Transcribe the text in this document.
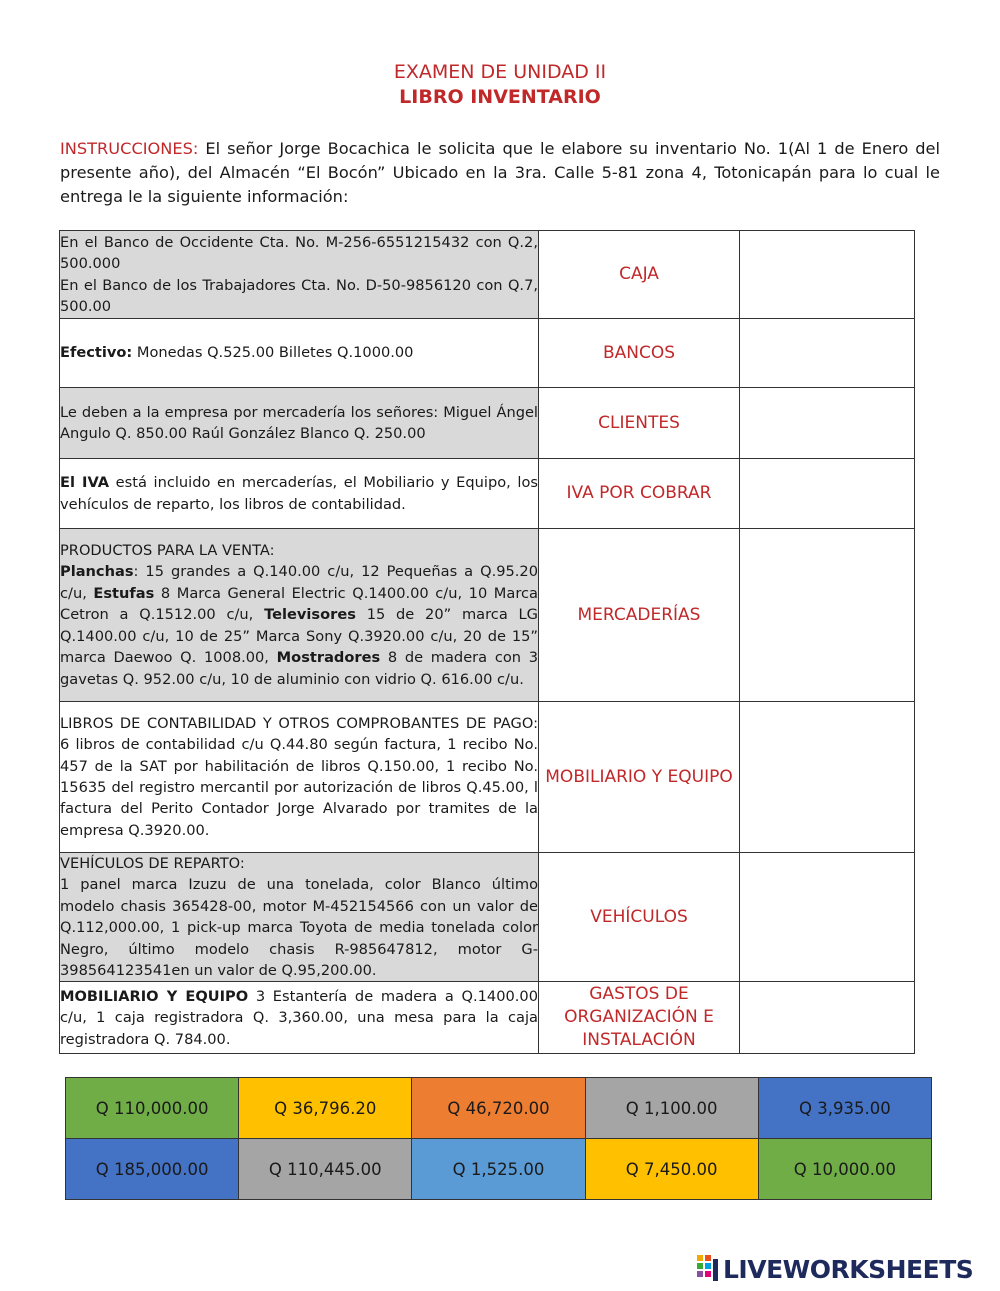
EXAMEN DE UNIDAD II
LIBRO INVENTARIO
INSTRUCCIONES: El señor Jorge Bocachica le solicita que le elabore su inventario No. 1(Al 1 de Enero del presente año), del Almacén “El Bocón” Ubicado en la 3ra. Calle 5-81 zona 4, Totonicapán para lo cual le entrega le la siguiente información:
En el Banco de Occidente Cta. No. M-256-6551215432 con Q.2, 500.000
En el Banco de los Trabajadores Cta. No. D-50-9856120 con Q.7, 500.00	CAJA	
Efectivo: Monedas Q.525.00 Billetes Q.1000.00	BANCOS	
Le deben a la empresa por mercadería los señores: Miguel Ángel Angulo Q. 850.00 Raúl González Blanco Q. 250.00	CLIENTES	
El IVA está incluido en mercaderías, el Mobiliario y Equipo, los vehículos de reparto, los libros de contabilidad.	IVA POR COBRAR	

PRODUCTOS PARA LA VENTA:
Planchas: 15 grandes a Q.140.00 c/u, 12 Pequeñas a Q.95.20 c/u, Estufas 8 Marca General Electric Q.1400.00 c/u, 10 Marca Cetron a Q.1512.00 c/u, Televisores 15 de 20” marca LG Q.1400.00 c/u, 10 de 25” Marca Sony Q.3920.00 c/u, 20 de 15” marca Daewoo Q. 1008.00, Mostradores 8 de madera con 3 gavetas Q. 952.00 c/u, 10 de aluminio con vidrio Q. 616.00 c/u.	MERCADERÍAS	
LIBROS DE CONTABILIDAD Y OTROS COMPROBANTES DE PAGO: 6 libros de contabilidad c/u Q.44.80 según factura, 1 recibo No. 457 de la SAT por habilitación de libros Q.150.00, 1 recibo No. 15635 del registro mercantil por autorización de libros Q.45.00, l factura del Perito Contador Jorge Alvarado por tramites de la empresa Q.3920.00.	MOBILIARIO Y EQUIPO	

VEHÍCULOS DE REPARTO:
1 panel marca Izuzu de una tonelada, color Blanco último modelo chasis 365428-00, motor M-452154566 con un valor de Q.112,000.00, 1 pick-up marca Toyota de media tonelada color Negro, último modelo chasis R-985647812, motor G-398564123541en un valor de Q.95,200.00.	VEHÍCULOS	
MOBILIARIO Y EQUIPO 3 Estantería de madera a Q.1400.00 c/u, 1 caja registradora Q. 3,360.00, una mesa para la caja registradora Q. 784.00.	GASTOS DE ORGANIZACIÓN E INSTALACIÓN	
Q 110,000.00	Q 36,796.20	Q 46,720.00	Q 1,100.00	Q 3,935.00
Q 185,000.00	Q 110,445.00	Q 1,525.00	Q 7,450.00	Q 10,000.00
LIVEWORKSHEETS
